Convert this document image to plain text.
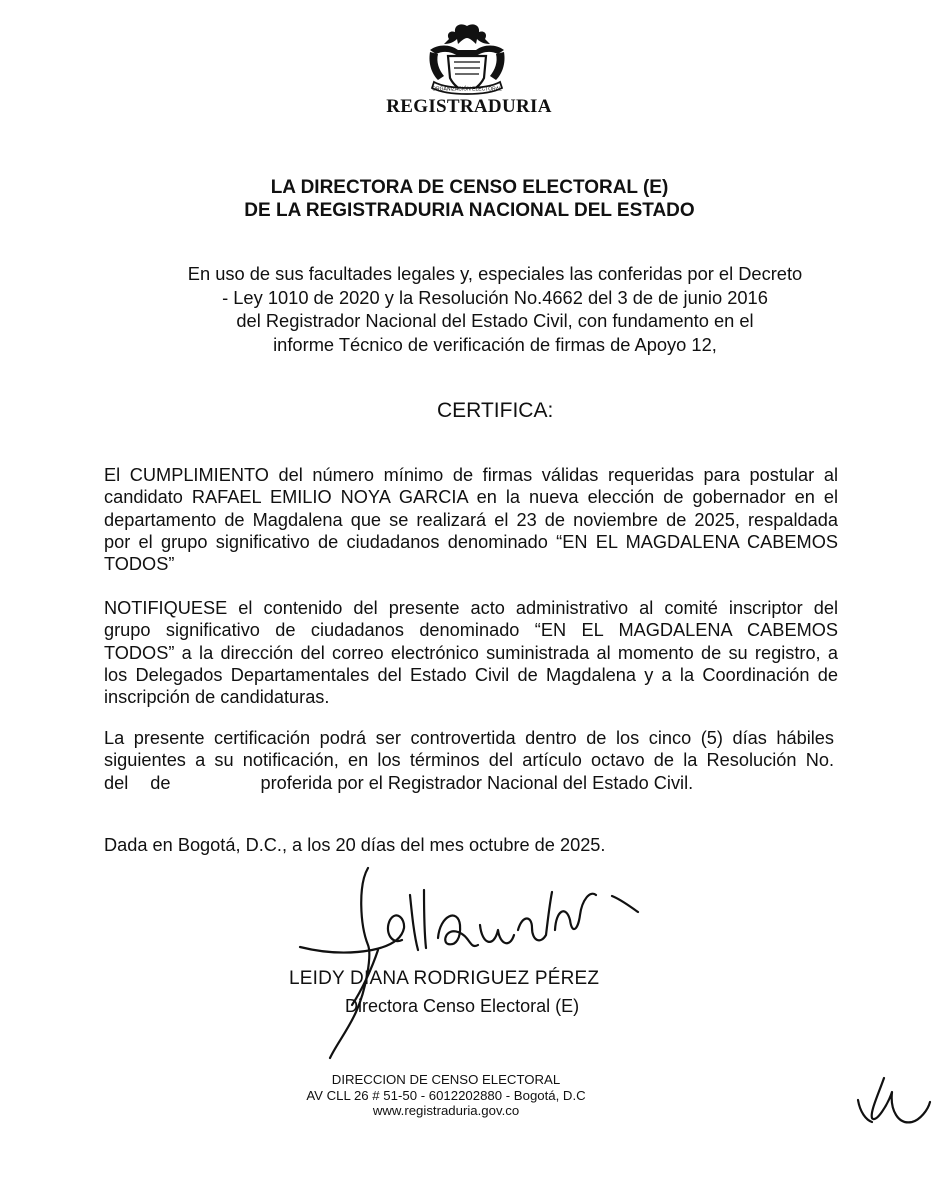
ORGANIZACIÓN ELECTORAL
REGISTRADURIA
LA DIRECTORA DE CENSO ELECTORAL (E)
DE LA REGISTRADURIA NACIONAL DEL ESTADO
En uso de sus facultades legales y, especiales las conferidas por el Decreto
- Ley 1010 de 2020 y la Resolución No.4662 del 3 de de junio 2016
del Registrador Nacional del Estado Civil, con fundamento en el
informe Técnico de verificación de firmas de Apoyo 12,
CERTIFICA:
El CUMPLIMIENTO del número mínimo de firmas válidas requeridas para postular al
candidato RAFAEL EMILIO NOYA GARCIA en la nueva elección de gobernador en el
departamento de Magdalena que se realizará el 23 de noviembre de 2025, respaldada
por el grupo significativo de ciudadanos denominado “EN EL MAGDALENA CABEMOS
TODOS”
NOTIFIQUESE el contenido del presente acto administrativo al comité inscriptor del
grupo significativo de ciudadanos denominado “EN EL MAGDALENA CABEMOS
TODOS” a la dirección del correo electrónico suministrada al momento de su registro, a
los Delegados Departamentales del Estado Civil de Magdalena y a la Coordinación de
inscripción de candidaturas.
La presente certificación podrá ser controvertida dentro de los cinco (5) días hábiles
siguientes a su notificación, en los términos del artículo octavo de la Resolución No.
del de	proferida por el Registrador Nacional del Estado Civil.
Dada en Bogotá, D.C., a los 20 días del mes octubre de 2025.
LEIDY DIANA RODRIGUEZ PÉREZ
Directora Censo Electoral (E)
DIRECCION DE CENSO ELECTORAL
AV CLL 26 # 51-50 - 6012202880 - Bogotá, D.C
www.registraduria.gov.co
